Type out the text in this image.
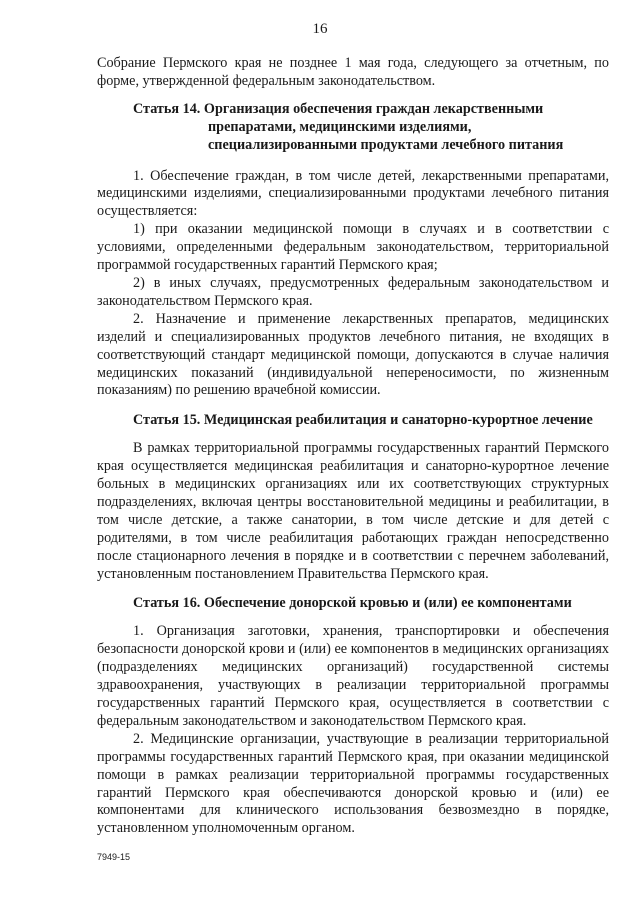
16

Собрание Пермского края не позднее 1 мая года, следующего за отчетным, по форме, утвержденной федеральным законодательством.

Статья 14. Организация обеспечения граждан лекарственными
препаратами, медицинскими изделиями,
специализированными продуктами лечебного питания

1. Обеспечение граждан, в том числе детей, лекарственными препаратами, медицинскими изделиями, специализированными продуктами лечебного питания осуществляется:

1) при оказании медицинской помощи в случаях и в соответствии с условиями, определенными федеральным законодательством, территориальной программой государственных гарантий Пермского края;

2) в иных случаях, предусмотренных федеральным законодательством и законодательством Пермского края.

2. Назначение и применение лекарственных препаратов, медицинских изделий и специализированных продуктов лечебного питания, не входящих в соответствующий стандарт медицинской помощи, допускаются в случае наличия медицинских показаний (индивидуальной непереносимости, по жизненным показаниям) по решению врачебной комиссии.

Статья 15. Медицинская реабилитация и санаторно-курортное лечение

В рамках территориальной программы государственных гарантий Пермского края осуществляется медицинская реабилитация и санаторно-курортное лечение больных в медицинских организациях или их соответствующих структурных подразделениях, включая центры восстановительной медицины и реабилитации, в том числе детские, а также санатории, в том числе детские и для детей с родителями, в том числе реабилитация работающих граждан непосредственно после стационарного лечения в порядке и в соответствии с перечнем заболеваний, установленным постановлением Правительства Пермского края.

Статья 16. Обеспечение донорской кровью и (или) ее компонентами

1. Организация заготовки, хранения, транспортировки и обеспечения безопасности донорской крови и (или) ее компонентов в медицинских организациях (подразделениях медицинских организаций) государственной системы здравоохранения, участвующих в реализации территориальной программы государственных гарантий Пермского края, осуществляется в соответствии с федеральным законодательством и законодательством Пермского края.

2. Медицинские организации, участвующие в реализации территориальной программы государственных гарантий Пермского края, при оказании медицинской помощи в рамках реализации территориальной программы государственных гарантий Пермского края обеспечиваются донорской кровью и (или) ее компонентами для клинического использования безвозмездно в порядке, установленном уполномоченным органом.

7949-15
